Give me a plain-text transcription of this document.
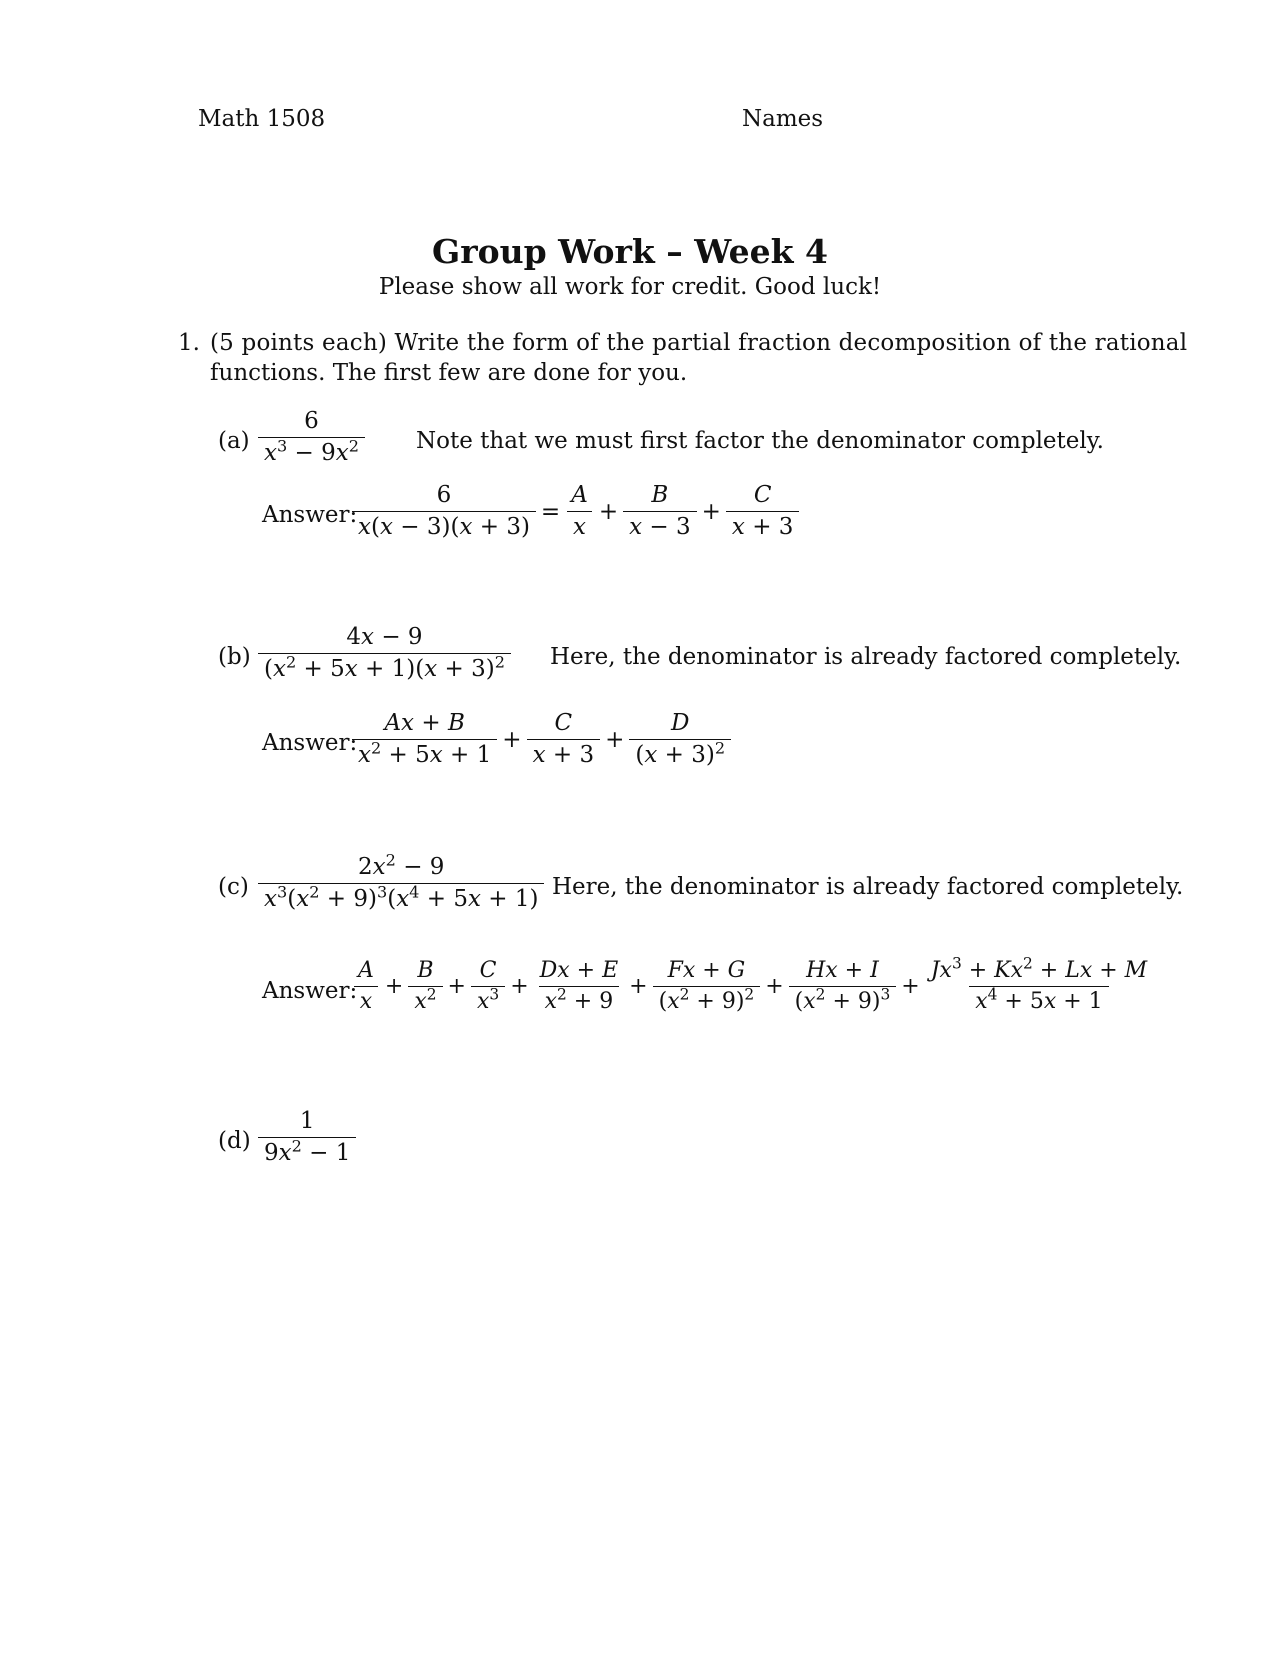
Math 1508	Names
Group Work – Week 4
Please show all work for credit. Good luck!
1. (5 points each) Write the form of the partial fraction decomposition of the rational
functions. The first few are done for you.
$(a) \frac{6}{x^3 - 9x^2}$ Note that we must first factor the denominator completely.
Answer:
$\frac{6}{x(x - 3)(x + 3)} = \frac{A}{x} + \frac{B}{x - 3} + \frac{C}{x + 3}$
$(b) \frac{4x - 9}{(x^2 + 5x + 1)(x + 3)^2}$ Here, the denominator is already factored completely.
Answer:
$\frac{Ax + B}{x^2 + 5x + 1} + \frac{C}{x + 3} + \frac{D}{(x + 3)^2}$
$(c) \frac{2x^2 - 9}{x^3(x^2 + 9)^3(x^4 + 5x + 1)}$ Here, the denominator is already factored completely.
Answer:
$\frac{A}{x} + \frac{B}{x^2} + \frac{C}{x^3} + \frac{Dx + E}{x^2 + 9} + \frac{Fx + G}{(x^2 + 9)^2} + \frac{Hx + I}{(x^2 + 9)^3} + \frac{Jx^3 + Kx^2 + Lx + M}{x^4 + 5x + 1}$
$(d) \frac{1}{9x^2 - 1}$
